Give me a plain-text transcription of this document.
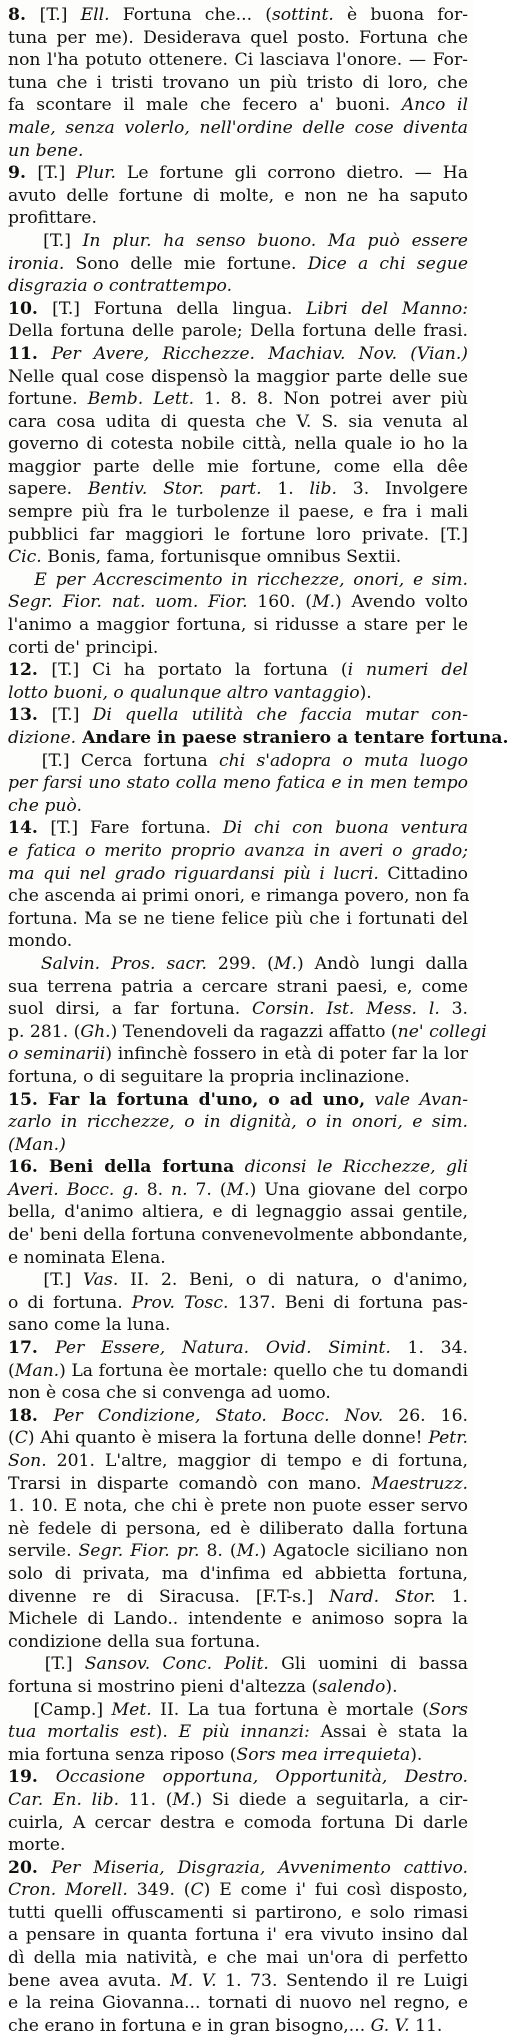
8. [T.] Ell. Fortuna che... (sottint. è buona for-
tuna per me). Desiderava quel posto. Fortuna che
non l'ha potuto ottenere. Ci lasciava l'onore. — For-
tuna che i tristi trovano un più tristo di loro, che
fa scontare il male che fecero a' buoni. Anco il
male, senza volerlo, nell'ordine delle cose diventa
un bene.
9. [T.] Plur. Le fortune gli corrono dietro. — Ha
avuto delle fortune di molte, e non ne ha saputo
profittare.
[T.] In plur. ha senso buono. Ma può essere
ironia. Sono delle mie fortune. Dice a chi segue
disgrazia o contrattempo.
10. [T.] Fortuna della lingua. Libri del Manno:
Della fortuna delle parole; Della fortuna delle frasi.
11. Per Avere, Ricchezze. Machiav. Nov. (Vian.)
Nelle qual cose dispensò la maggior parte delle sue
fortune. Bemb. Lett. 1. 8. 8. Non potrei aver più
cara cosa udita di questa che V. S. sia venuta al
governo di cotesta nobile città, nella quale io ho la
maggior parte delle mie fortune, come ella dêe
sapere. Bentiv. Stor. part. 1. lib. 3. Involgere
sempre più fra le turbolenze il paese, e fra i mali
pubblici far maggiori le fortune loro private. [T.]
Cic. Bonis, fama, fortunisque omnibus Sextii.
E per Accrescimento in ricchezze, onori, e sim.
Segr. Fior. nat. uom. Fior. 160. (M.) Avendo volto
l'animo a maggior fortuna, si ridusse a stare per le
corti de' principi.
12. [T.] Ci ha portato la fortuna (i numeri del
lotto buoni, o qualunque altro vantaggio).
13. [T.] Di quella utilità che faccia mutar con-
dizione. Andare in paese straniero a tentare fortuna.
[T.] Cerca fortuna chi s'adopra o muta luogo
per farsi uno stato colla meno fatica e in men tempo
che può.
14. [T.] Fare fortuna. Di chi con buona ventura
e fatica o merito proprio avanza in averi o grado;
ma qui nel grado riguardansi più i lucri. Cittadino
che ascenda ai primi onori, e rimanga povero, non fa
fortuna. Ma se ne tiene felice più che i fortunati del
mondo.
Salvin. Pros. sacr. 299. (M.) Andò lungi dalla
sua terrena patria a cercare strani paesi, e, come
suol dirsi, a far fortuna. Corsin. Ist. Mess. l. 3.
p. 281. (Gh.) Tenendoveli da ragazzi affatto (ne' collegi
o seminarii) infinchè fossero in età di poter far la lor
fortuna, o di seguitare la propria inclinazione.
15. Far la fortuna d'uno, o ad uno, vale Avan-
zarlo in ricchezze, o in dignità, o in onori, e sim.
(Man.)
16. Beni della fortuna diconsi le Ricchezze, gli
Averi. Bocc. g. 8. n. 7. (M.) Una giovane del corpo
bella, d'animo altiera, e di legnaggio assai gentile,
de' beni della fortuna convenevolmente abbondante,
e nominata Elena.
[T.] Vas. II. 2. Beni, o di natura, o d'animo,
o di fortuna. Prov. Tosc. 137. Beni di fortuna pas-
sano come la luna.
17. Per Essere, Natura. Ovid. Simint. 1. 34.
(Man.) La fortuna èe mortale: quello che tu domandi
non è cosa che si convenga ad uomo.
18. Per Condizione, Stato. Bocc. Nov. 26. 16.
(C) Ahi quanto è misera la fortuna delle donne! Petr.
Son. 201. L'altre, maggior di tempo e di fortuna,
Trarsi in disparte comandò con mano. Maestruzz.
1. 10. E nota, che chi è prete non puote esser servo
nè fedele di persona, ed è diliberato dalla fortuna
servile. Segr. Fior. pr. 8. (M.) Agatocle siciliano non
solo di privata, ma d'infima ed abbietta fortuna,
divenne re di Siracusa. [F.T-s.] Nard. Stor. 1.
Michele di Lando.. intendente e animoso sopra la
condizione della sua fortuna.
[T.] Sansov. Conc. Polit. Gli uomini di bassa
fortuna si mostrino pieni d'altezza (salendo).
[Camp.] Met. II. La tua fortuna è mortale (Sors
tua mortalis est). E più innanzi: Assai è stata la
mia fortuna senza riposo (Sors mea irrequieta).
19. Occasione opportuna, Opportunità, Destro.
Car. En. lib. 11. (M.) Si diede a seguitarla, a cir-
cuirla, A cercar destra e comoda fortuna Di darle
morte.
20. Per Miseria, Disgrazia, Avvenimento cattivo.
Cron. Morell. 349. (C) E come i' fui così disposto,
tutti quelli offuscamenti si partirono, e solo rimasi
a pensare in quanta fortuna i' era vivuto insino dal
dì della mia natività, e che mai un'ora di perfetto
bene avea avuta. M. V. 1. 73. Sentendo il re Luigi
e la reina Giovanna... tornati di nuovo nel regno, e
che erano in fortuna e in gran bisogno,... G. V. 11.
